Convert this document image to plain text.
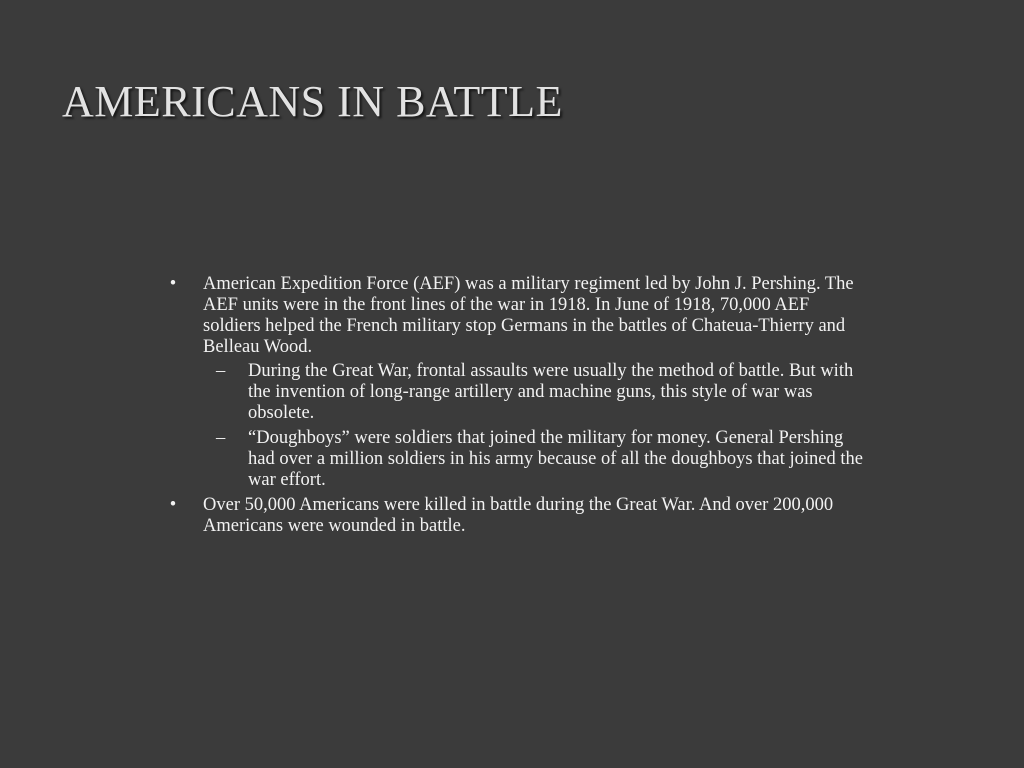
AMERICANS IN BATTLE
• American Expedition Force (AEF) was a military regiment led by John J. Pershing. The AEF units were in the front lines of the war in 1918. In June of 1918, 70,000 AEF soldiers helped the French military stop Germans in the battles of Chateua-Thierry and Belleau Wood.
– During the Great War, frontal assaults were usually the method of battle. But with the invention of long-range artillery and machine guns, this style of war was obsolete.
– “Doughboys” were soldiers that joined the military for money. General Pershing had over a million soldiers in his army because of all the doughboys that joined the war effort.
• Over 50,000 Americans were killed in battle during the Great War. And over 200,000 Americans were wounded in battle.
